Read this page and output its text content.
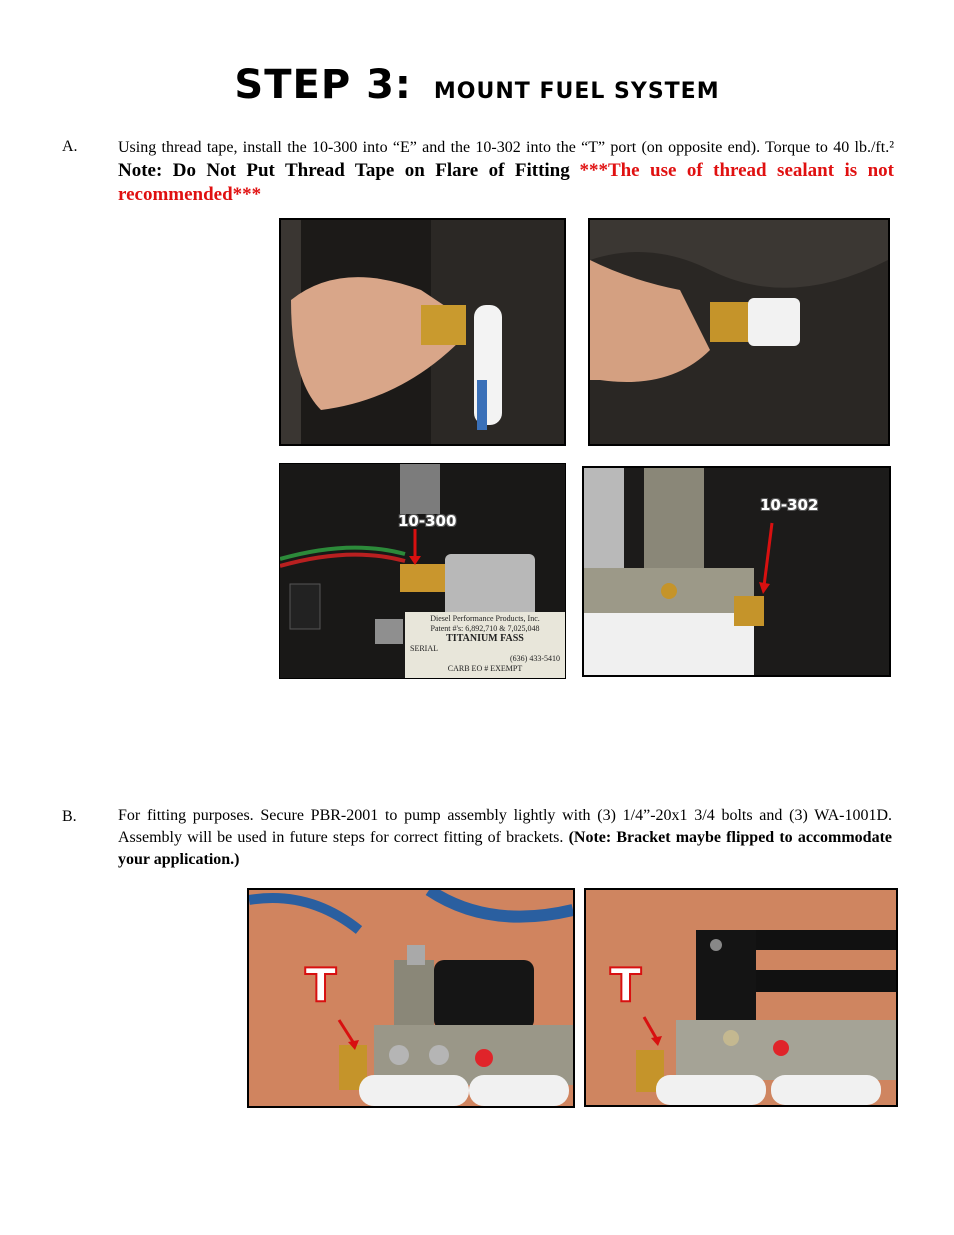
STEP 3: MOUNT FUEL SYSTEM
A.	Using thread tape, install the 10-300 into “E” and the 10-302 into the “T” port (on opposite end). Torque to 40 lb./ft.² Note: Do Not Put Thread Tape on Flare of Fitting ***The use of thread sealant is not recommended***
10-300
Diesel Performance Products, Inc.
Patent #'s: 6,892,710 & 7,025,048
TITANIUM FASS
SERIAL
(636) 433-5410
CARB EO # EXEMPT
10-302
B.	For fitting purposes. Secure PBR-2001 to pump assembly lightly with (3) 1/4”-20x1 3/4 bolts and (3) WA-1001D. Assembly will be used in future steps for correct fitting of brackets. (Note: Bracket maybe flipped to accommodate your application.)
T	T
